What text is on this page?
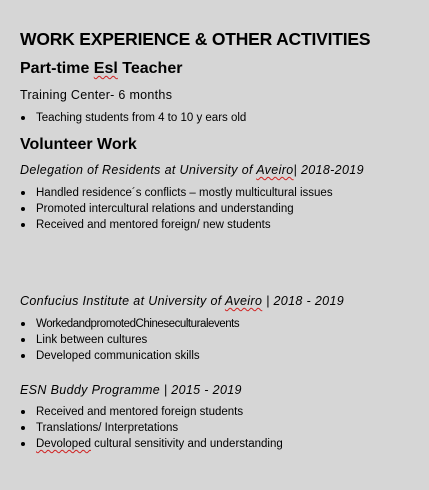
WORK EXPERIENCE & OTHER ACTIVITIES
Part-time Esl Teacher
Training Center- 6 months
Teaching students from 4 to 10 y ears old
Volunteer Work
Delegation of Residents at University of Aveiro| 2018-2019
Handled residence´s conflicts – mostly multicultural issues
Promoted intercultural relations and understanding
Received and mentored foreign/ new students
Confucius Institute at University of Aveiro | 2018 - 2019
WorkedandpromotedChineseculturalevents
Link between cultures
Developed communication skills
ESN Buddy Programme | 2015 - 2019
Received and mentored foreign students
Translations/ Interpretations
Devoloped cultural sensitivity and understanding
